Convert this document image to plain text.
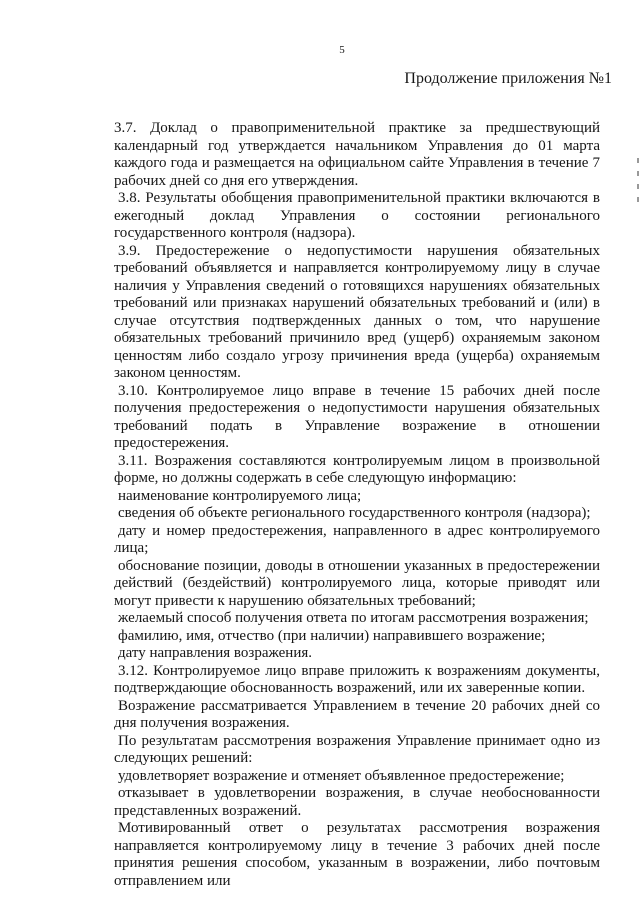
5
Продолжение приложения №1

3.7. Доклад о правоприменительной практике за предшествующий календарный год утверждается начальником Управления до 01 марта каждого года и размещается на официальном сайте Управления в течение 7 рабочих дней со дня его утверждения.

3.8. Результаты обобщения правоприменительной практики включаются в ежегодный доклад Управления о состоянии регионального государственного контроля (надзора).

3.9. Предостережение о недопустимости нарушения обязательных требований объявляется и направляется контролируемому лицу в случае наличия у Управления сведений о готовящихся нарушениях обязательных требований или признаках нарушений обязательных требований и (или) в случае отсутствия подтвержденных данных о том, что нарушение обязательных требований причинило вред (ущерб) охраняемым законом ценностям либо создало угрозу причинения вреда (ущерба) охраняемым законом ценностям.

3.10. Контролируемое лицо вправе в течение 15 рабочих дней после получения предостережения о недопустимости нарушения обязательных требований подать в Управление возражение в отношении предостережения.

3.11. Возражения составляются контролируемым лицом в произвольной форме, но должны содержать в себе следующую информацию:

наименование контролируемого лица;

сведения об объекте регионального государственного контроля (надзора);

дату и номер предостережения, направленного в адрес контролируемого лица;

обоснование позиции, доводы в отношении указанных в предостережении действий (бездействий) контролируемого лица, которые приводят или могут привести к нарушению обязательных требований;

желаемый способ получения ответа по итогам рассмотрения возражения;

фамилию, имя, отчество (при наличии) направившего возражение;

дату направления возражения.

3.12. Контролируемое лицо вправе приложить к возражениям документы, подтверждающие обоснованность возражений, или их заверенные копии.

Возражение рассматривается Управлением в течение 20 рабочих дней со дня получения возражения.

По результатам рассмотрения возражения Управление принимает одно из следующих решений:

удовлетворяет возражение и отменяет объявленное предостережение;

отказывает в удовлетворении возражения, в случае необоснованности представленных возражений.

Мотивированный ответ о результатах рассмотрения возражения направляется контролируемому лицу в течение 3 рабочих дней после принятия решения способом, указанным в возражении, либо почтовым отправлением или
